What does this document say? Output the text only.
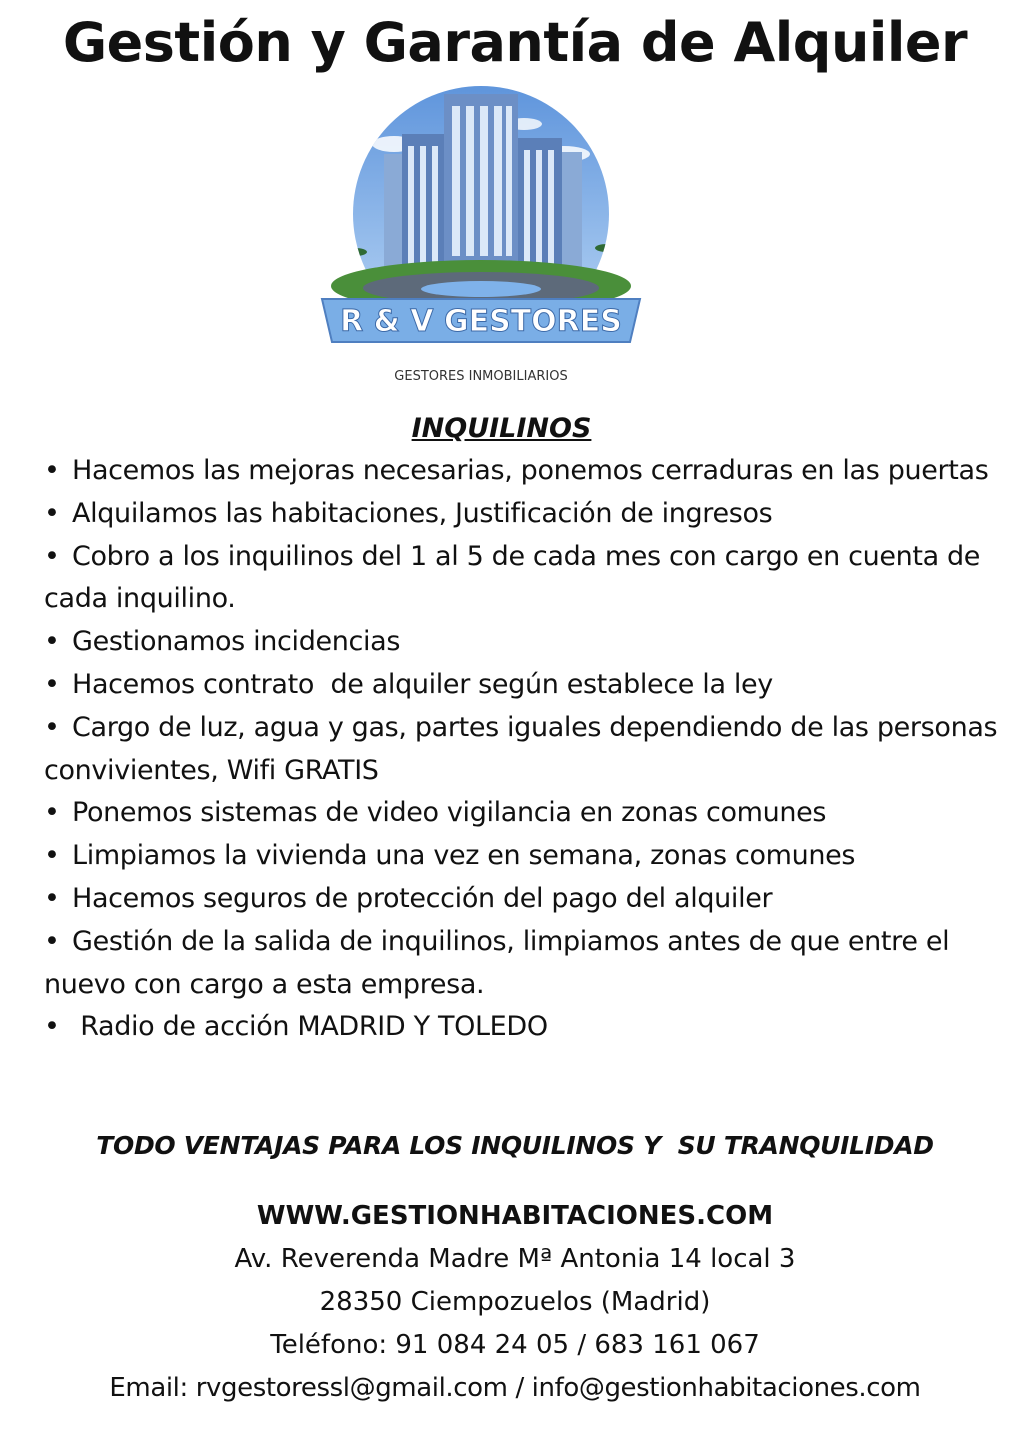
Gestión y Garantía de Alquiler
R & V GESTORES
GESTORES INMOBILIARIOS
INQUILINOS
• Hacemos las mejoras necesarias, ponemos cerraduras en las puertas
• Alquilamos las habitaciones, Justificación de ingresos
• Cobro a los inquilinos del 1 al 5 de cada mes con cargo en cuenta de cada inquilino.
• Gestionamos incidencias
• Hacemos contrato  de alquiler según establece la ley
• Cargo de luz, agua y gas, partes iguales dependiendo de las personas convivientes, Wifi GRATIS
• Ponemos sistemas de video vigilancia en zonas comunes
• Limpiamos la vivienda una vez en semana, zonas comunes
• Hacemos seguros de protección del pago del alquiler
• Gestión de la salida de inquilinos, limpiamos antes de que entre el nuevo con cargo a esta empresa.
• Radio de acción MADRID Y TOLEDO
TODO VENTAJAS PARA LOS INQUILINOS Y  SU TRANQUILIDAD
WWW.GESTIONHABITACIONES.COM
Av. Reverenda Madre Mª Antonia 14 local 3
28350 Ciempozuelos (Madrid)
Teléfono: 91 084 24 05 / 683 161 067
Email: rvgestoressl@gmail.com / info@gestionhabitaciones.com
